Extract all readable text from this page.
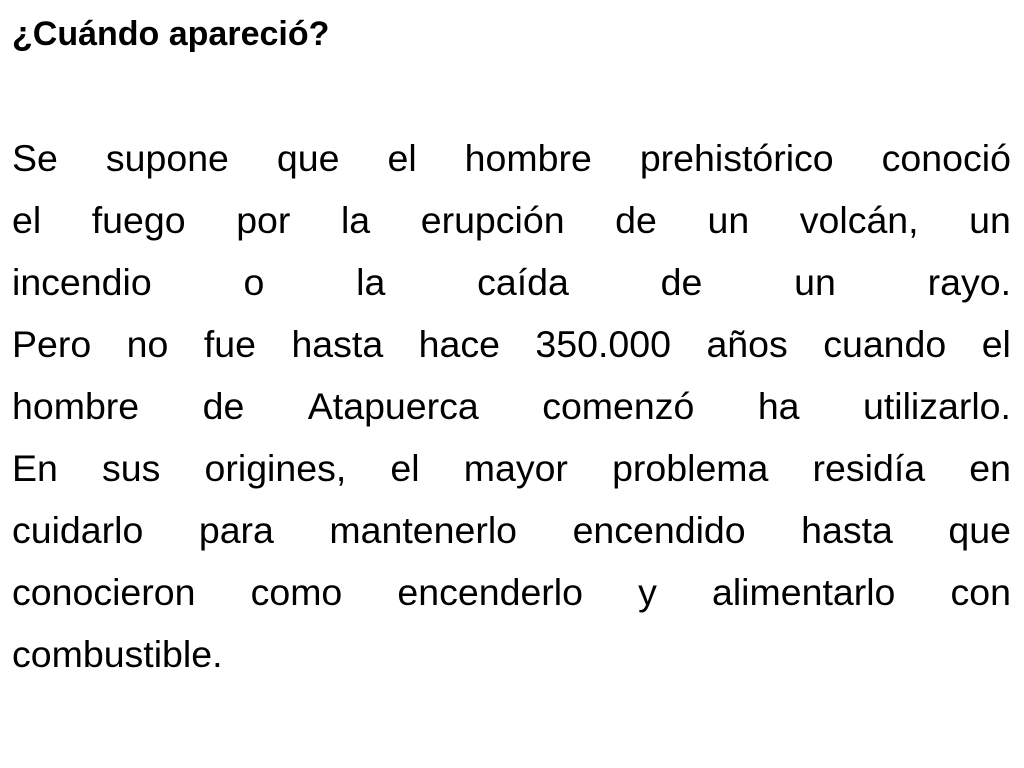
¿Cuándo apareció?
Se supone que el hombre prehistórico conoció
el fuego por la erupción de un volcán, un
incendio o la caída de un rayo.
Pero no fue hasta hace 350.000 años cuando el
hombre de Atapuerca comenzó ha utilizarlo.
En sus origines, el mayor problema residía en
cuidarlo para mantenerlo encendido hasta que
conocieron como encenderlo y alimentarlo con
combustible.
